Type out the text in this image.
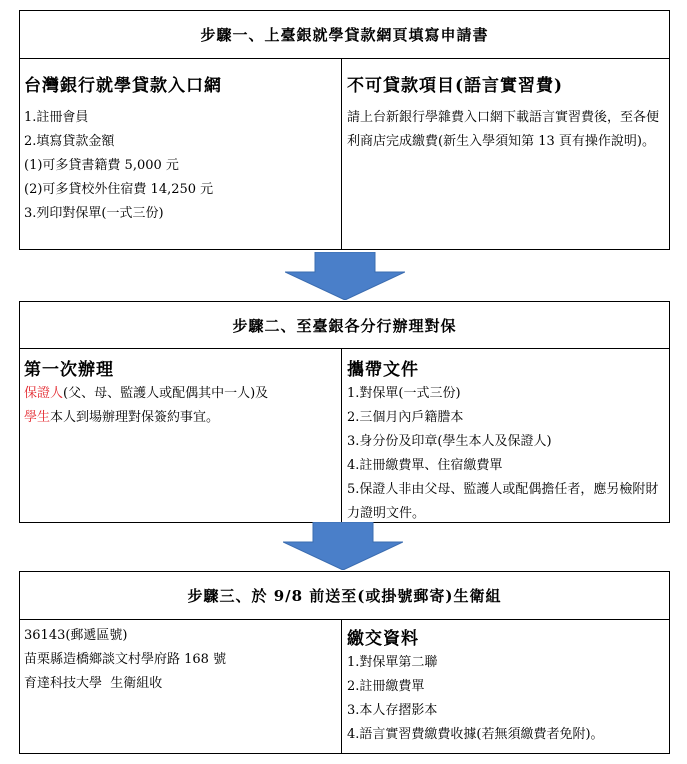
步驟一、上臺銀就學貸款網頁填寫申請書
台灣銀行就學貸款入口網
1.註冊會員
2.填寫貸款金額
(1)可多貸書籍費 5,000 元
(2)可多貸校外住宿費 14,250 元
3.列印對保單(一式三份)
不可貸款項目(語言實習費)
請上台新銀行學雜費入口網下載語言實習費後，至各便利商店完成繳費(新生入學須知第 13 頁有操作說明)。
步驟二、至臺銀各分行辦理對保
第一次辦理
保證人(父、母、監護人或配偶其中一人)及
學生本人到場辦理對保簽約事宜。
攜帶文件
1.對保單(一式三份)
2.三個月內戶籍謄本
3.身分份及印章(學生本人及保證人)
4.註冊繳費單、住宿繳費單
5.保證人非由父母、監護人或配偶擔任者，應另檢附財力證明文件。
步驟三、於 9/8 前送至(或掛號郵寄)生衛組
36143(郵遞區號)
苗栗縣造橋鄉談文村學府路 168 號
育達科技大學  生衛組收
繳交資料
1.對保單第二聯
2.註冊繳費單
3.本人存摺影本
4.語言實習費繳費收據(若無須繳費者免附)。
